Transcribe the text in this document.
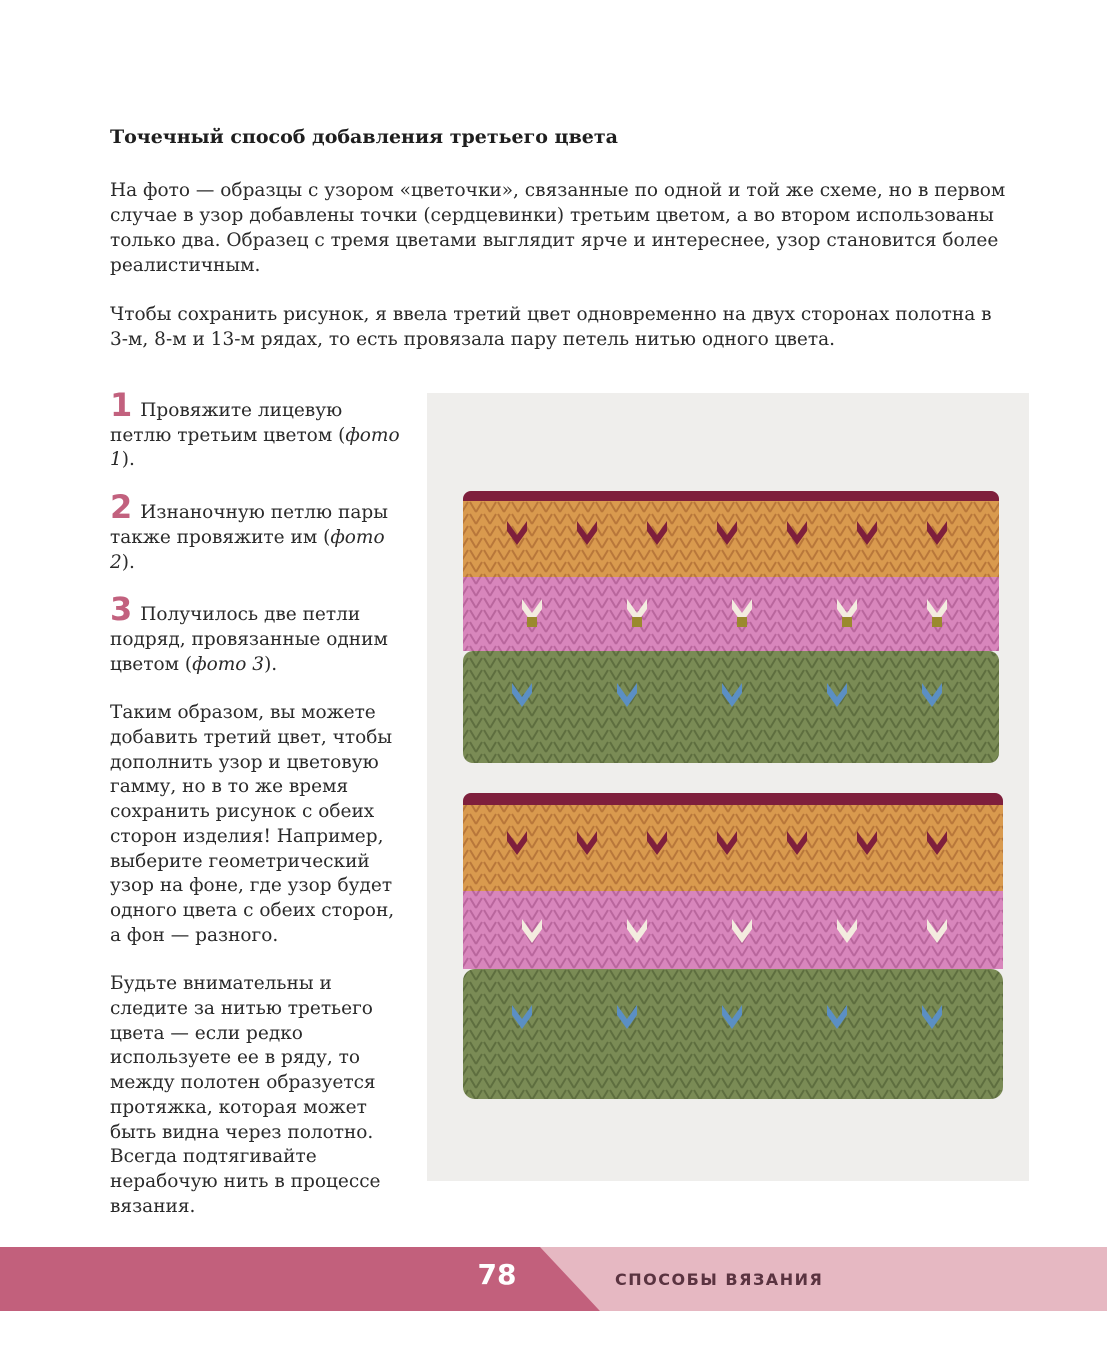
Точечный способ добавления третьего цвета

На фото — образцы с узором «цветочки», связанные по одной и той же схеме, но в первом случае в узор добавлены точки (сердцевинки) третьим цветом, а во втором использованы только два. Образец с тремя цветами выглядит ярче и интереснее, узор становится более реалистичным.

Чтобы сохранить рисунок, я ввела третий цвет одновременно на двух сторонах полотна в 3-м, 8-м и 13-м рядах, то есть провязала пару петель нитью одного цвета.

1 Провяжите лицевую петлю третьим цветом (фото 1).

2 Изнаночную петлю пары также провяжите им (фото 2).

3 Получилось две петли подряд, провязанные одним цветом (фото 3).

Таким образом, вы можете добавить третий цвет, чтобы дополнить узор и цветовую гамму, но в то же время сохранить рисунок с обеих сторон изделия! Например, выберите геометрический узор на фоне, где узор будет одного цвета с обеих сторон, а фон — разного.

Будьте внимательны и следите за нитью третьего цвета — если редко используете ее в ряду, то между полотен образуется протяжка, которая может быть видна через полотно. Всегда подтягивайте нерабочую нить в процессе вязания.

78	СПОСОБЫ ВЯЗАНИЯ
